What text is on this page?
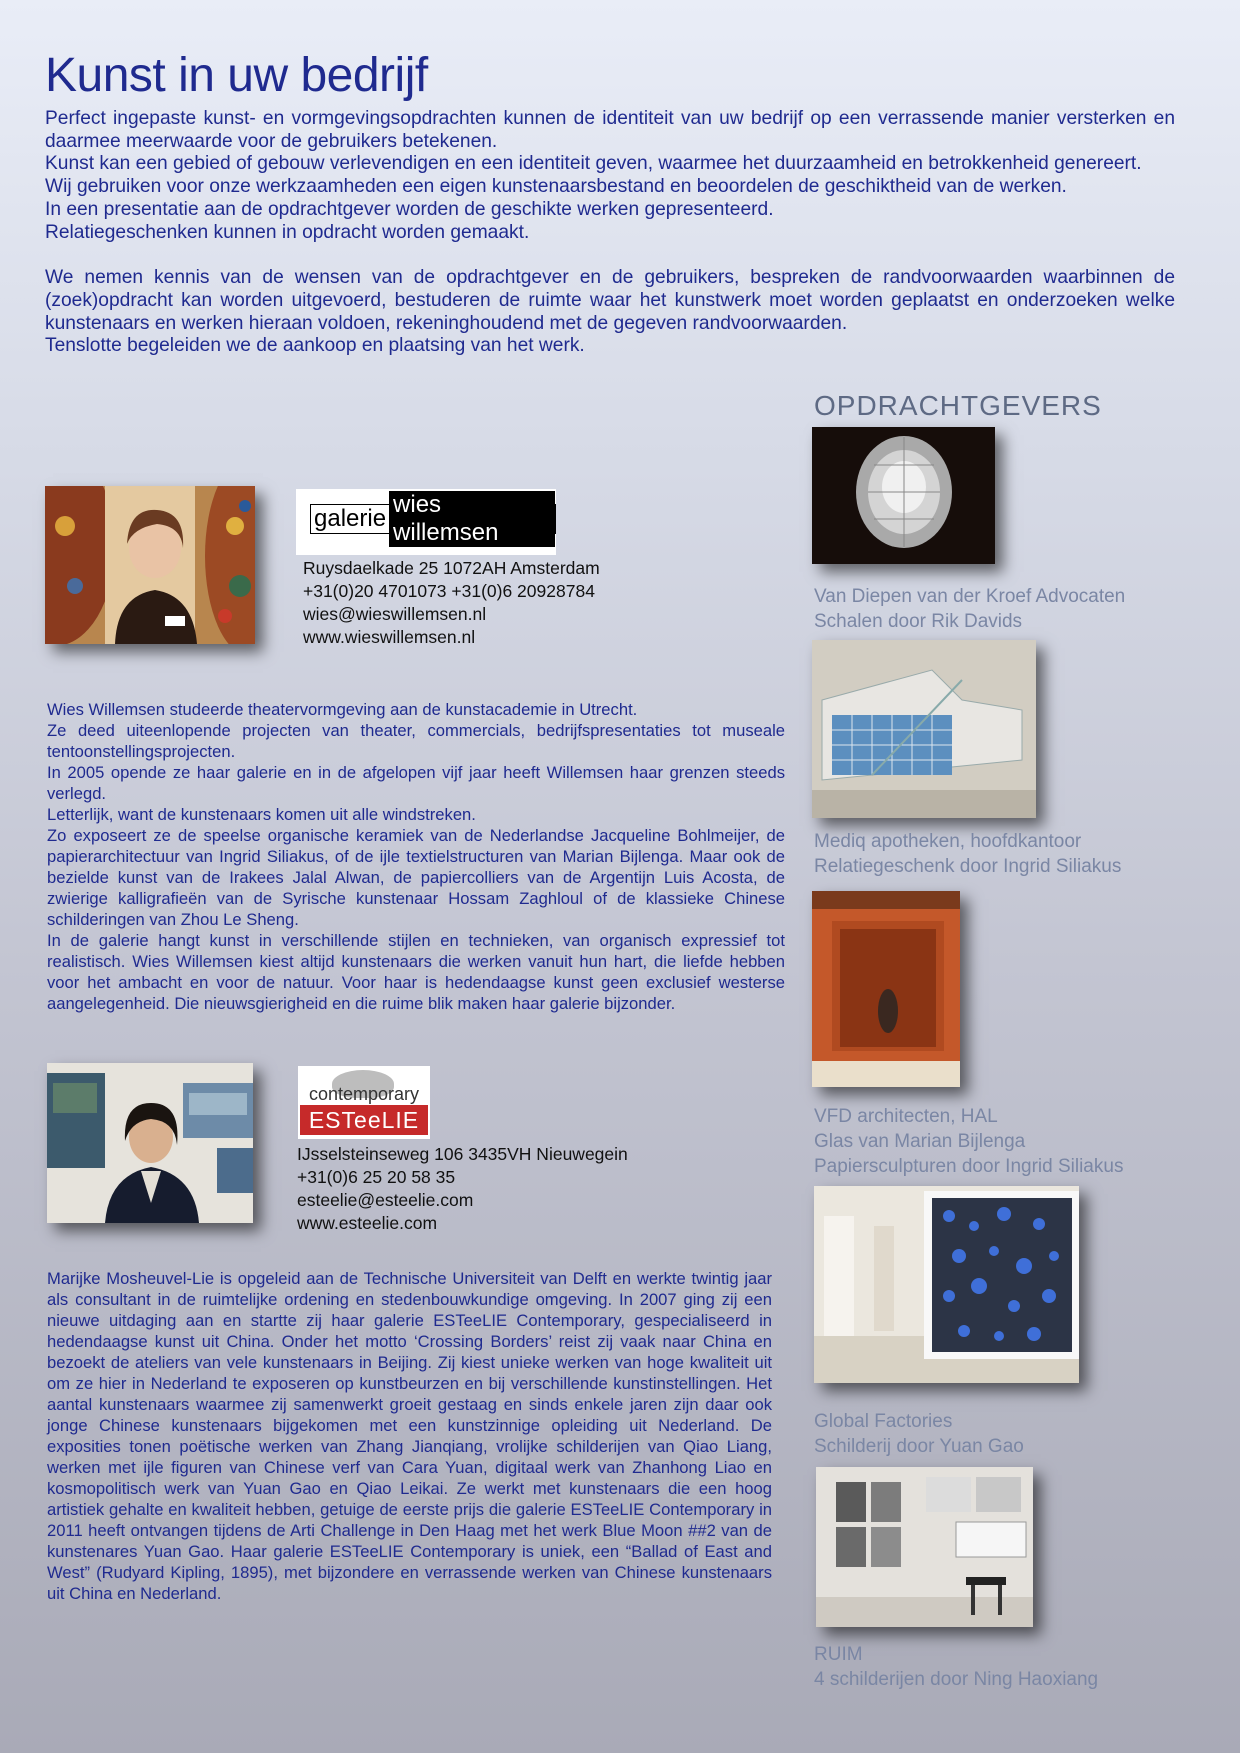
Kunst in uw bedrijf

Perfect ingepaste kunst- en vormgevingsopdrachten kunnen de identiteit van uw bedrijf op een verrassende manier versterken en daarmee meerwaarde voor de gebruikers betekenen.

Kunst kan een gebied of gebouw verlevendigen en een identiteit geven, waarmee het duurzaamheid en betrokkenheid genereert.

Wij gebruiken voor onze werkzaamheden een eigen kunstenaarsbestand en beoordelen de geschiktheid van de werken.

In een presentatie aan de opdrachtgever worden de geschikte werken gepresenteerd.

Relatiegeschenken kunnen in opdracht worden gemaakt.

We nemen kennis van de wensen van de opdrachtgever en de gebruikers, bespreken de randvoorwaarden waarbinnen de (zoek)opdracht kan worden uitgevoerd, bestuderen de ruimte waar het kunstwerk moet worden geplaatst en onderzoeken welke kunstenaars en werken hieraan voldoen, rekeninghoudend met de gegeven randvoorwaarden.

Tenslotte begeleiden we de aankoop en plaatsing van het werk.

galerie
wies willemsen
Ruysdaelkade 25 1072AH Amsterdam
+31(0)20 4701073 +31(0)6 20928784
wies@wieswillemsen.nl
www.wieswillemsen.nl

Wies Willemsen studeerde theatervormgeving aan de kunstacademie in Utrecht.

Ze deed uiteenlopende projecten van theater, commercials, bedrijfspresentaties tot museale tentoonstellingsprojecten.

In 2005 opende ze haar galerie en in de afgelopen vijf jaar heeft Willemsen haar grenzen steeds verlegd.

Letterlijk, want de kunstenaars komen uit alle windstreken.

Zo exposeert ze de speelse organische keramiek van de Nederlandse Jacqueline Bohlmeijer, de papierarchitectuur van Ingrid Siliakus, of de ijle textielstructuren van Marian Bijlenga. Maar ook de bezielde kunst van de Irakees Jalal Alwan, de papiercolliers van de Argentijn Luis Acosta, de zwierige kalligrafieën van de Syrische kunstenaar Hossam Zaghloul of de klassieke Chinese schilderingen van Zhou Le Sheng.

In de galerie hangt kunst in verschillende stijlen en technieken, van organisch expressief tot realistisch. Wies Willemsen kiest altijd kunstenaars die werken vanuit hun hart, die liefde hebben voor het ambacht en voor de natuur. Voor haar is hedendaagse kunst geen exclusief westerse aangelegenheid. Die nieuwsgierigheid en die ruime blik maken haar galerie bijzonder.

contemporary
ESTeeLIE
IJsselsteinseweg 106 3435VH Nieuwegein
+31(0)6 25 20 58 35
esteelie@esteelie.com
www.esteelie.com

Marijke Mosheuvel-Lie is opgeleid aan de Technische Universiteit van Delft en werkte twintig jaar als consultant in de ruimtelijke ordening en stedenbouwkundige omgeving. In 2007 ging zij een nieuwe uitdaging aan en startte zij haar galerie ESTeeLIE Contemporary, gespecialiseerd in hedendaagse kunst uit China. Onder het motto ‘Crossing Borders’ reist zij vaak naar China en bezoekt de ateliers van vele kunstenaars in Beijing. Zij kiest unieke werken van hoge kwaliteit uit om ze hier in Nederland te exposeren op kunstbeurzen en bij verschillende kunstinstellingen. Het aantal kunstenaars waarmee zij samenwerkt groeit gestaag en sinds enkele jaren zijn daar ook jonge Chinese kunstenaars bijgekomen met een kunstzinnige opleiding uit Nederland. De exposities tonen poëtische werken van Zhang Jianqiang, vrolijke schilderijen van Qiao Liang, werken met ijle figuren van Chinese verf van Cara Yuan, digitaal werk van Zhanhong Liao en kosmopolitisch werk van Yuan Gao en Qiao Leikai. Ze werkt met kunstenaars die een hoog artistiek gehalte en kwaliteit hebben, getuige de eerste prijs die galerie ESTeeLIE Contemporary in 2011 heeft ontvangen tijdens de Arti Challenge in Den Haag met het werk Blue Moon ##2 van de kunstenares Yuan Gao. Haar galerie ESTeeLIE Contemporary is uniek, een “Ballad of East and West” (Rudyard Kipling, 1895), met bijzondere en verrassende werken van Chinese kunstenaars uit China en Nederland.

OPDRACHTGEVERS
Van Diepen van der Kroef Advocaten
Schalen door Rik Davids
Mediq apotheken, hoofdkantoor
Relatiegeschenk door Ingrid Siliakus
VFD architecten, HAL
Glas van Marian Bijlenga
Papiersculpturen door Ingrid Siliakus
Global Factories
Schilderij door Yuan Gao
RUIM
4 schilderijen door Ning Haoxiang
